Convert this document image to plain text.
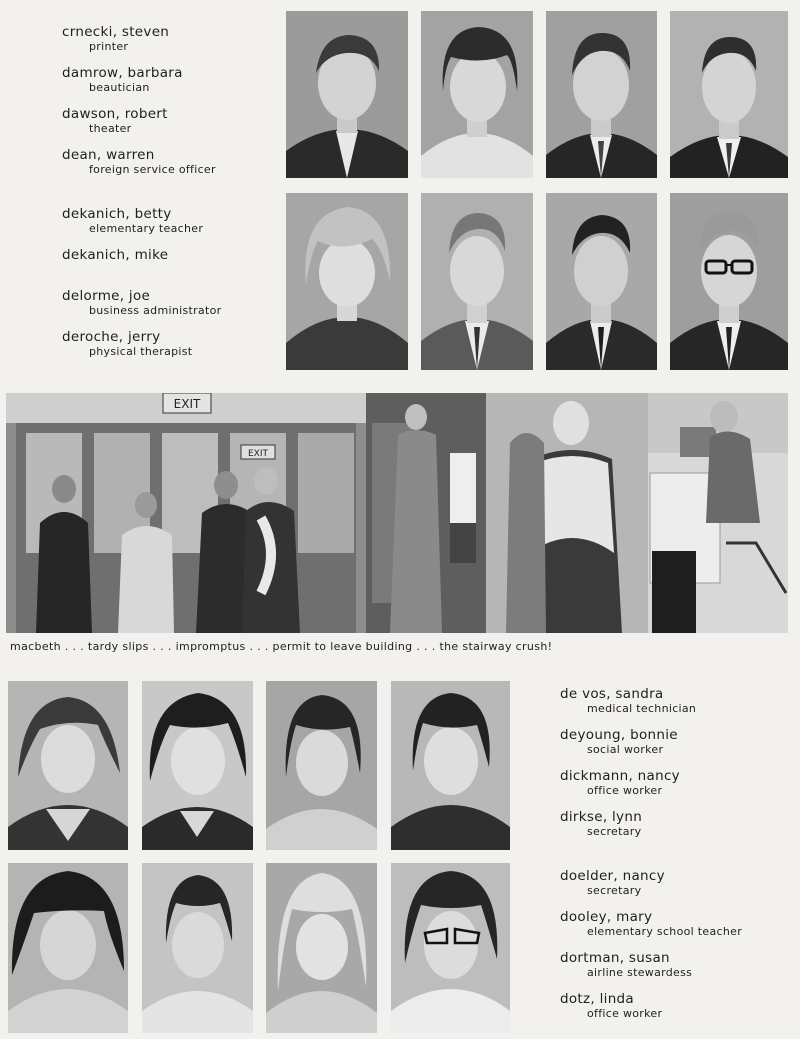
crnecki, steven
printer
damrow, barbara
beautician
dawson, robert
theater
dean, warren
foreign service officer
dekanich, betty
elementary teacher
dekanich, mike
delorme, joe
business administrator
deroche, jerry
physical therapist
EXIT
EXIT
macbeth . . . tardy slips . . . impromptus . . . permit to leave building . . . the stairway crush!
de vos, sandra
medical technician
deyoung, bonnie
social worker
dickmann, nancy
office worker
dirkse, lynn
secretary
doelder, nancy
secretary
dooley, mary
elementary school teacher
dortman, susan
airline stewardess
dotz, linda
office worker
